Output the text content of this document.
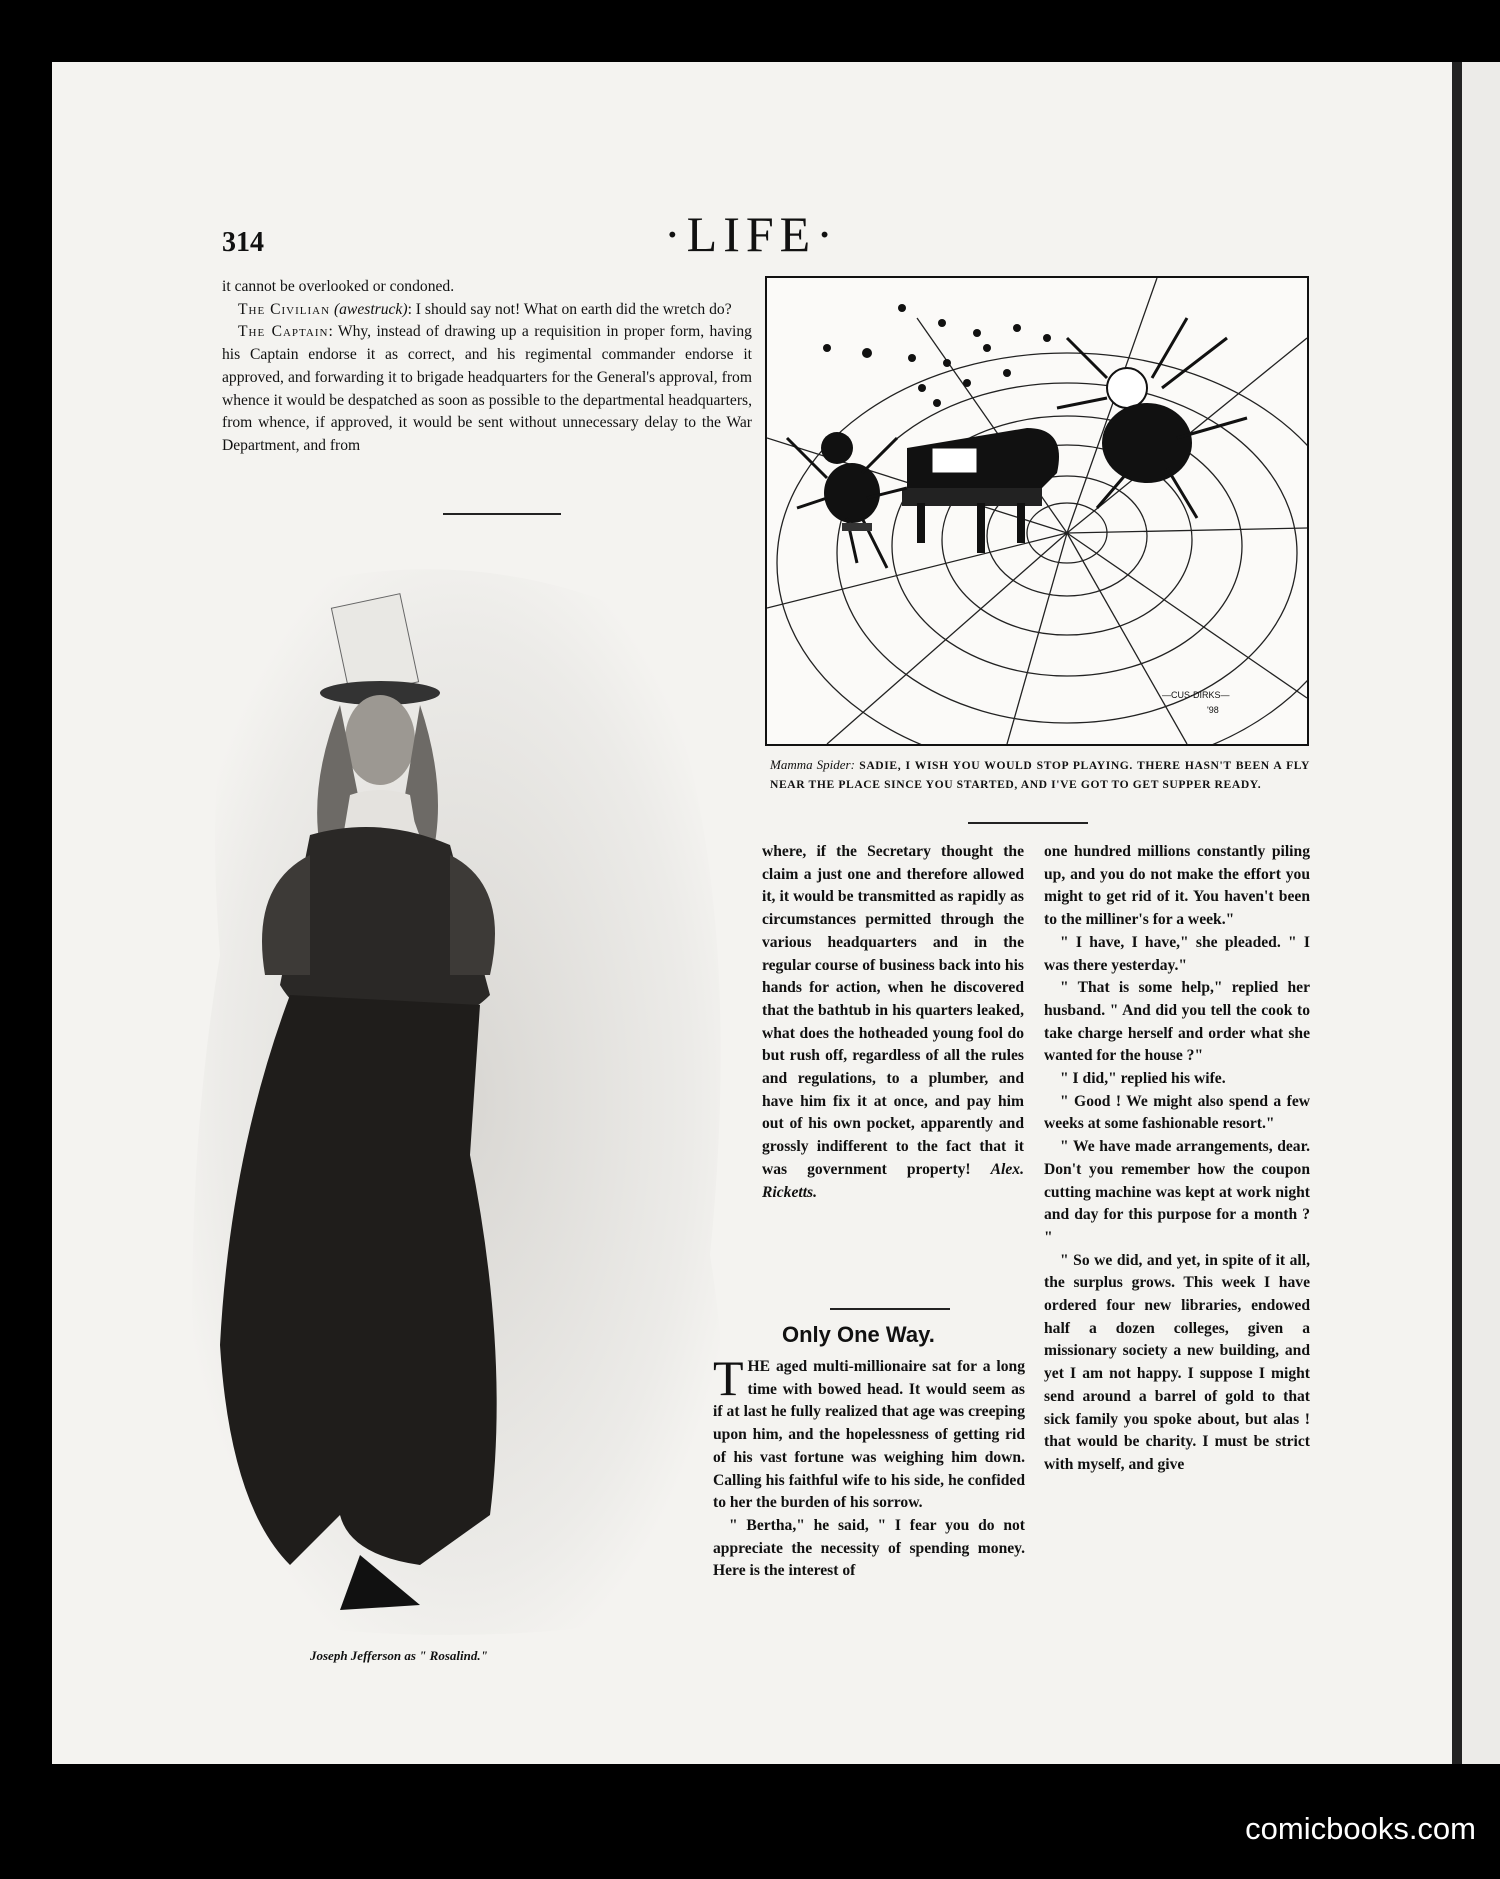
314	·LIFE·

it cannot be overlooked or condoned.

The Civilian (awestruck): I should say not! What on earth did the wretch do?

The Captain: Why, instead of drawing up a requisition in proper form, having his Captain endorse it as correct, and his regimental commander endorse it approved, and forwarding it to brigade headquarters for the General's approval, from whence it would be despatched as soon as possible to the departmental headquarters, from whence, if approved, it would be sent without unnecessary delay to the War Department, and from

—CUS·DIRKS—
'98
Mamma Spider: SADIE, I WISH YOU WOULD STOP PLAYING. THERE HASN'T BEEN A FLY NEAR THE PLACE SINCE YOU STARTED, AND I'VE GOT TO GET SUPPER READY.
Joseph Jefferson as " Rosalind."

where, if the Secretary thought the claim a just one and therefore allowed it, it would be transmitted as rapidly as circumstances permitted through the various headquarters and in the regular course of business back into his hands for action, when he discovered that the bathtub in his quarters leaked, what does the hotheaded young fool do but rush off, regardless of all the rules and regulations, to a plumber, and have him fix it at once, and pay him out of his own pocket, apparently and grossly indifferent to the fact that it was government property! Alex. Ricketts.

Only One Way.

THE aged multi-millionaire sat for a long time with bowed head. It would seem as if at last he fully realized that age was creeping upon him, and the hopelessness of getting rid of his vast fortune was weighing him down. Calling his faithful wife to his side, he confided to her the burden of his sorrow.

" Bertha," he said, " I fear you do not appreciate the necessity of spending money. Here is the interest of

one hundred millions constantly piling up, and you do not make the effort you might to get rid of it. You haven't been to the milliner's for a week."

" I have, I have," she pleaded. " I was there yesterday."

" That is some help," replied her husband. " And did you tell the cook to take charge herself and order what she wanted for the house ?"

" I did," replied his wife.

" Good ! We might also spend a few weeks at some fashionable resort."

" We have made arrangements, dear. Don't you remember how the coupon cutting machine was kept at work night and day for this purpose for a month ? "

" So we did, and yet, in spite of it all, the surplus grows. This week I have ordered four new libraries, endowed half a dozen colleges, given a missionary society a new building, and yet I am not happy. I suppose I might send around a barrel of gold to that sick family you spoke about, but alas ! that would be charity. I must be strict with myself, and give

comicbooks.com
